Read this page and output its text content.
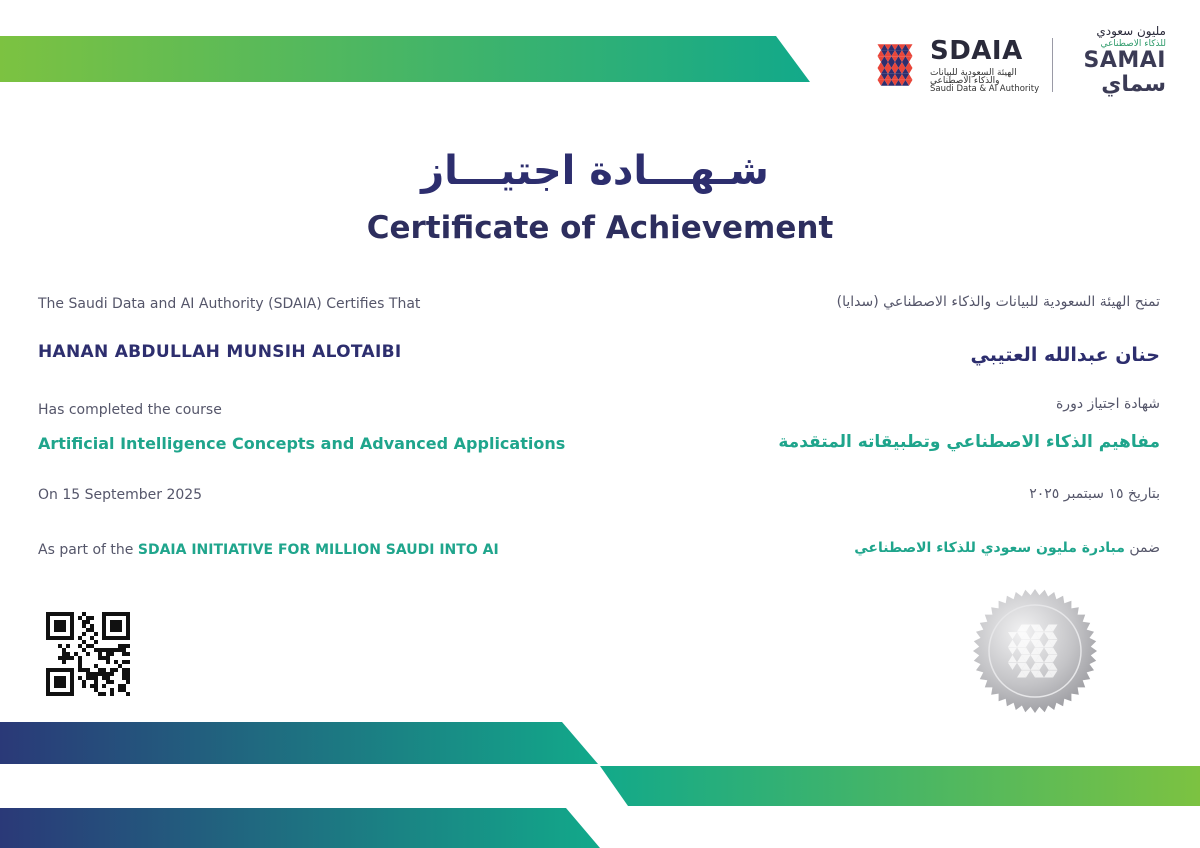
SDAIA
الهيئة السعودية للبيانات
والذكاء الاصطناعي
Saudi Data & AI Authority
مليون سعودي
للذكاء الاصطناعي
SAMAI
سماي
شـهـــادة اجتيـــاز
Certificate of Achievement
The Saudi Data and AI Authority (SDAIA) Certifies That
HANAN ABDULLAH MUNSIH ALOTAIBI
Has completed the course
Artificial Intelligence Concepts and Advanced Applications
On 15 September 2025
As part of the SDAIA INITIATIVE FOR MILLION SAUDI INTO AI
تمنح الهيئة السعودية للبيانات والذكاء الاصطناعي (سدايا)
حنان عبدالله العتيبي
شهادة اجتياز دورة
مفاهيم الذكاء الاصطناعي وتطبيقاته المتقدمة
بتاريخ ١٥ سبتمبر ٢٠٢٥
ضمن مبادرة مليون سعودي للذكاء الاصطناعي
